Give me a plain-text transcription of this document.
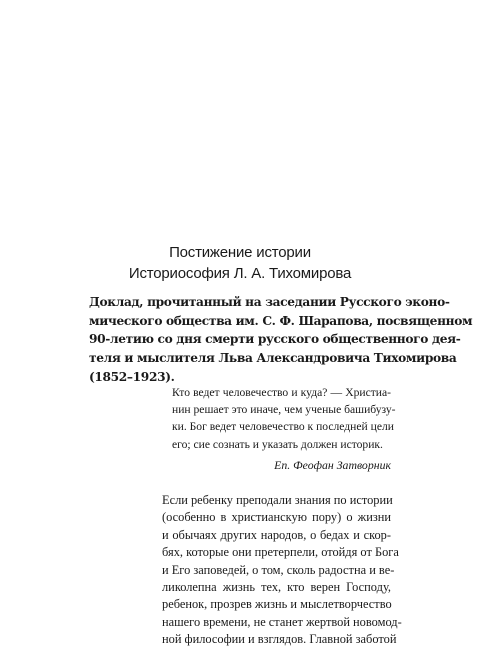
Постижение истории
Историософия Л. А. Тихомирова
Доклад, прочитанный на заседании Русского эконо-
мического общества им. С. Ф. Шарапова, посвященном
90-летию со дня смерти русского общественного дея-
теля и мыслителя Льва Александровича Тихомирова
(1852–1923).
Кто ведет человечество и куда? — Христиа-
нин решает это иначе, чем ученые башибузу-
ки. Бог ведет человечество к последней цели
его; сие сознать и указать должен историк.
Еп. Феофан Затворник
Если ребенку преподали знания по истории
(особенно в христианскую пору) о жизни
и обычаях других народов, о бедах и скор-
бях, которые они претерпели, отойдя от Бога
и Его заповедей, о том, сколь радостна и ве-
ликолепна жизнь тех, кто верен Господу,
ребенок, прозрев жизнь и мыслетворчество
нашего времени, не станет жертвой новомод-
ной философии и взглядов. Главной заботой
